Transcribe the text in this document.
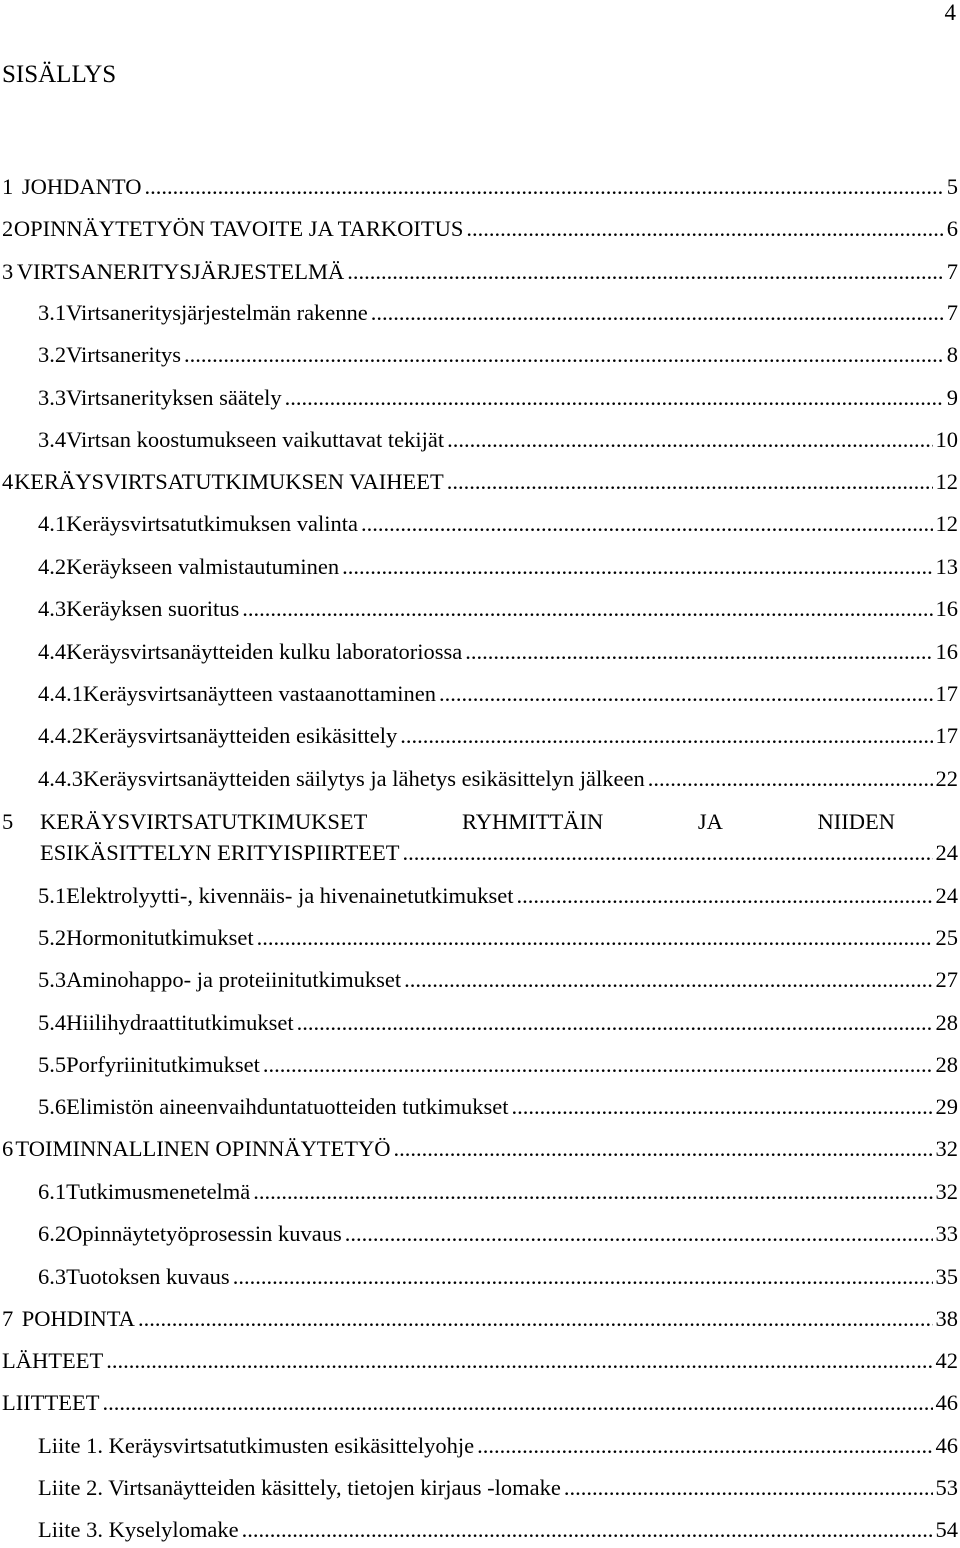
4
SISÄLLYS
1 JOHDANTO .....	5
2 OPINNÄYTETYÖN TAVOITE JA TARKOITUS .....	6
3 VIRTSANERITYSJÄRJESTELMÄ .....	7
3.1 Virtsaneritysjärjestelmän rakenne .....	7
3.2 Virtsaneritys .....	8
3.3 Virtsanerityksen säätely .....	9
3.4 Virtsan koostumukseen vaikuttavat tekijät .....	10
4 KERÄYSVIRTSATUTKIMUKSEN VAIHEET .....	12
4.1 Keräysvirtsatutkimuksen valinta .....	12
4.2 Keräykseen valmistautuminen .....	13
4.3 Keräyksen suoritus .....	16
4.4 Keräysvirtsanäytteiden kulku laboratoriossa .....	16
4.4.1 Keräysvirtsanäytteen vastaanottaminen .....	17
4.4.2 Keräysvirtsanäytteiden esikäsittely .....	17
4.4.3 Keräysvirtsanäytteiden säilytys ja lähetys esikäsittelyn jälkeen .....	22
5	KERÄYSVIRTSATUTKIMUKSET	RYHMITTÄIN	JA	NIIDEN
ESIKÄSITTELYN ERITYISPIIRTEET .....	24
5.1 Elektrolyytti-, kivennäis- ja hivenainetutkimukset .....	24
5.2 Hormonitutkimukset .....	25
5.3 Aminohappo- ja proteiinitutkimukset .....	27
5.4 Hiilihydraattitutkimukset .....	28
5.5 Porfyriinitutkimukset .....	28
5.6 Elimistön aineenvaihduntatuotteiden tutkimukset .....	29
6 TOIMINNALLINEN OPINNÄYTETYÖ .....	32
6.1 Tutkimusmenetelmä .....	32
6.2 Opinnäytetyöprosessin kuvaus .....	33
6.3 Tuotoksen kuvaus .....	35
7 POHDINTA .....	38
LÄHTEET .....	42
LIITTEET .....	46
Liite 1. Keräysvirtsatutkimusten esikäsittelyohje .....	46
Liite 2. Virtsanäytteiden käsittely, tietojen kirjaus -lomake .....	53
Liite 3. Kyselylomake .....	54
